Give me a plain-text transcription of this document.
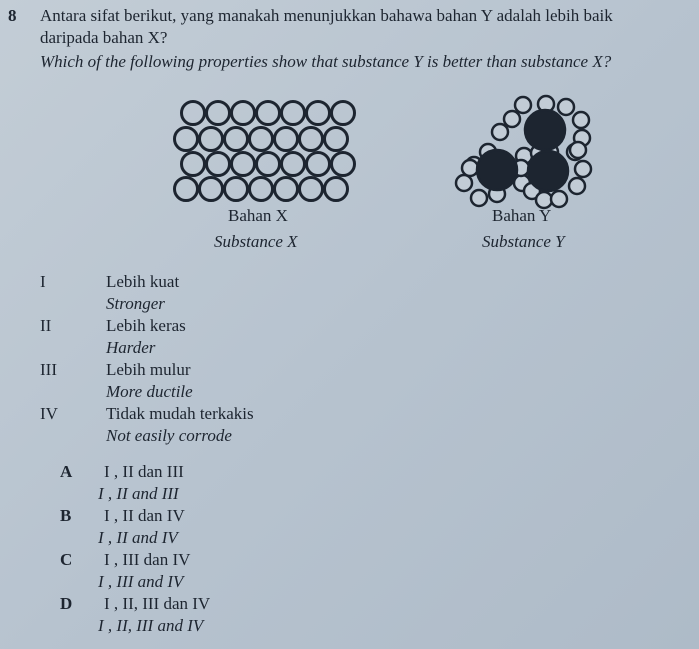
8 Antara sifat berikut, yang manakah menunjukkan bahawa bahan Y adalah lebih baik
daripada bahan X?
Which of the following properties show that substance Y is better than substance X?
Bahan X
Substance X
Bahan Y
Substance Y
I	Lebih kuat
Stronger
II	Lebih keras
Harder
III	Lebih mulur
More ductile
IV	Tidak mudah terkakis
Not easily corrode
A I , II dan III
I , II and III
B I , II dan IV
I , II and IV
C I , III dan IV
I , III and IV
D I , II, III dan IV
I , II, III and IV
